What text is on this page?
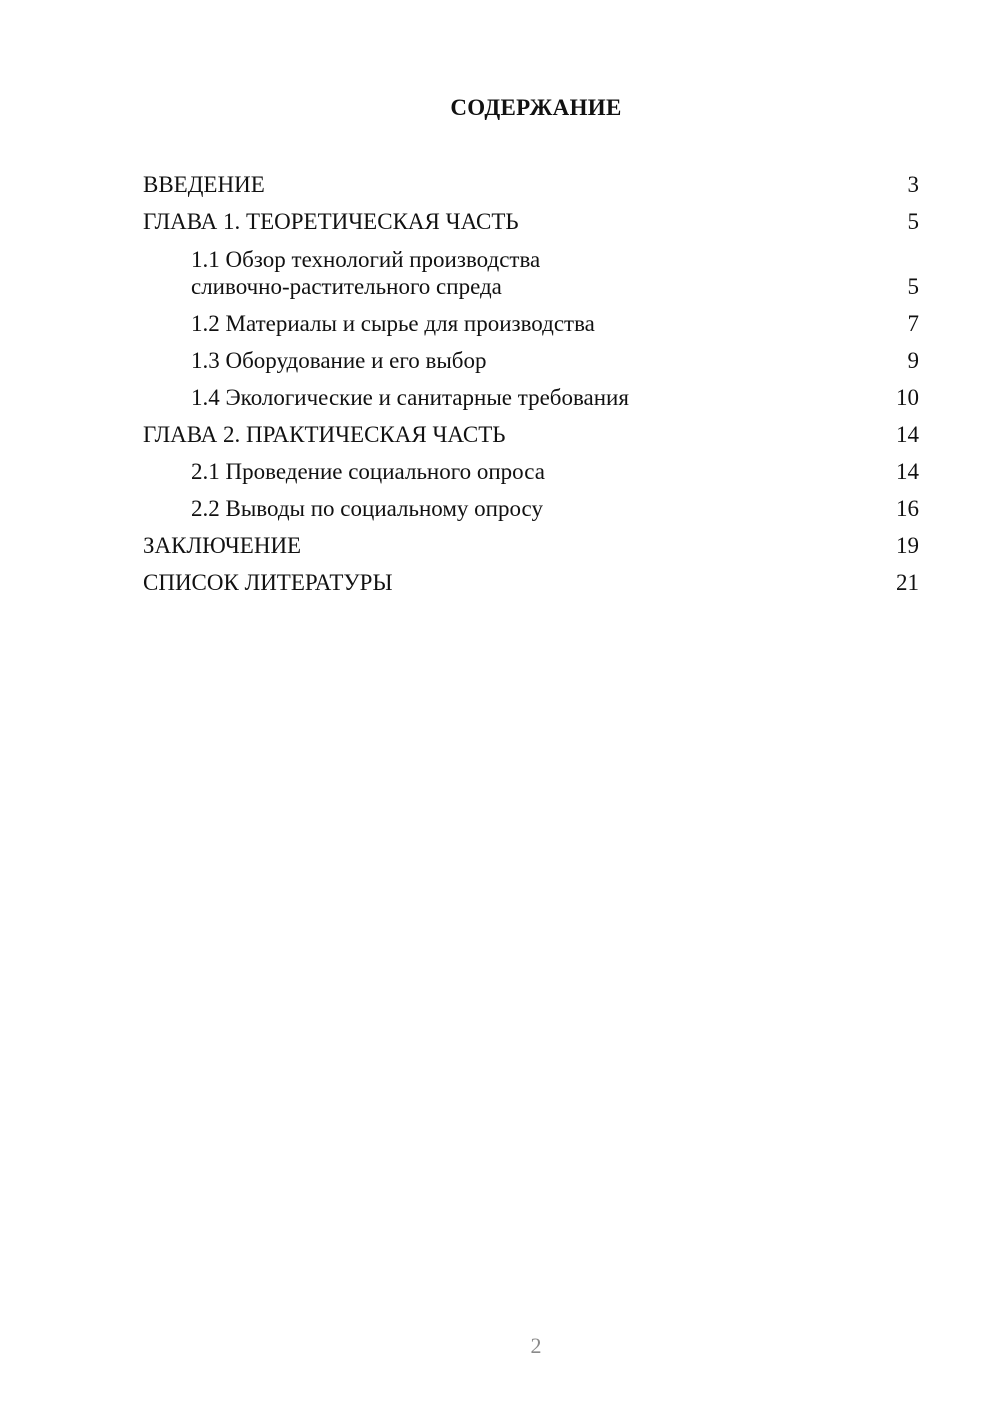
СОДЕРЖАНИЕ
ВВЕДЕНИЕ	3
ГЛАВА 1. ТЕОРЕТИЧЕСКАЯ ЧАСТЬ	5
1.1 Обзор технологий производства
сливочно-растительного спреда	5
1.2 Материалы и сырье для производства	7
1.3 Оборудование и его выбор	9
1.4 Экологические и санитарные требования	10
ГЛАВА 2. ПРАКТИЧЕСКАЯ ЧАСТЬ	14
2.1 Проведение социального опроса	14
2.2 Выводы по социальному опросу	16
ЗАКЛЮЧЕНИЕ	19
СПИСОК ЛИТЕРАТУРЫ	21
2
